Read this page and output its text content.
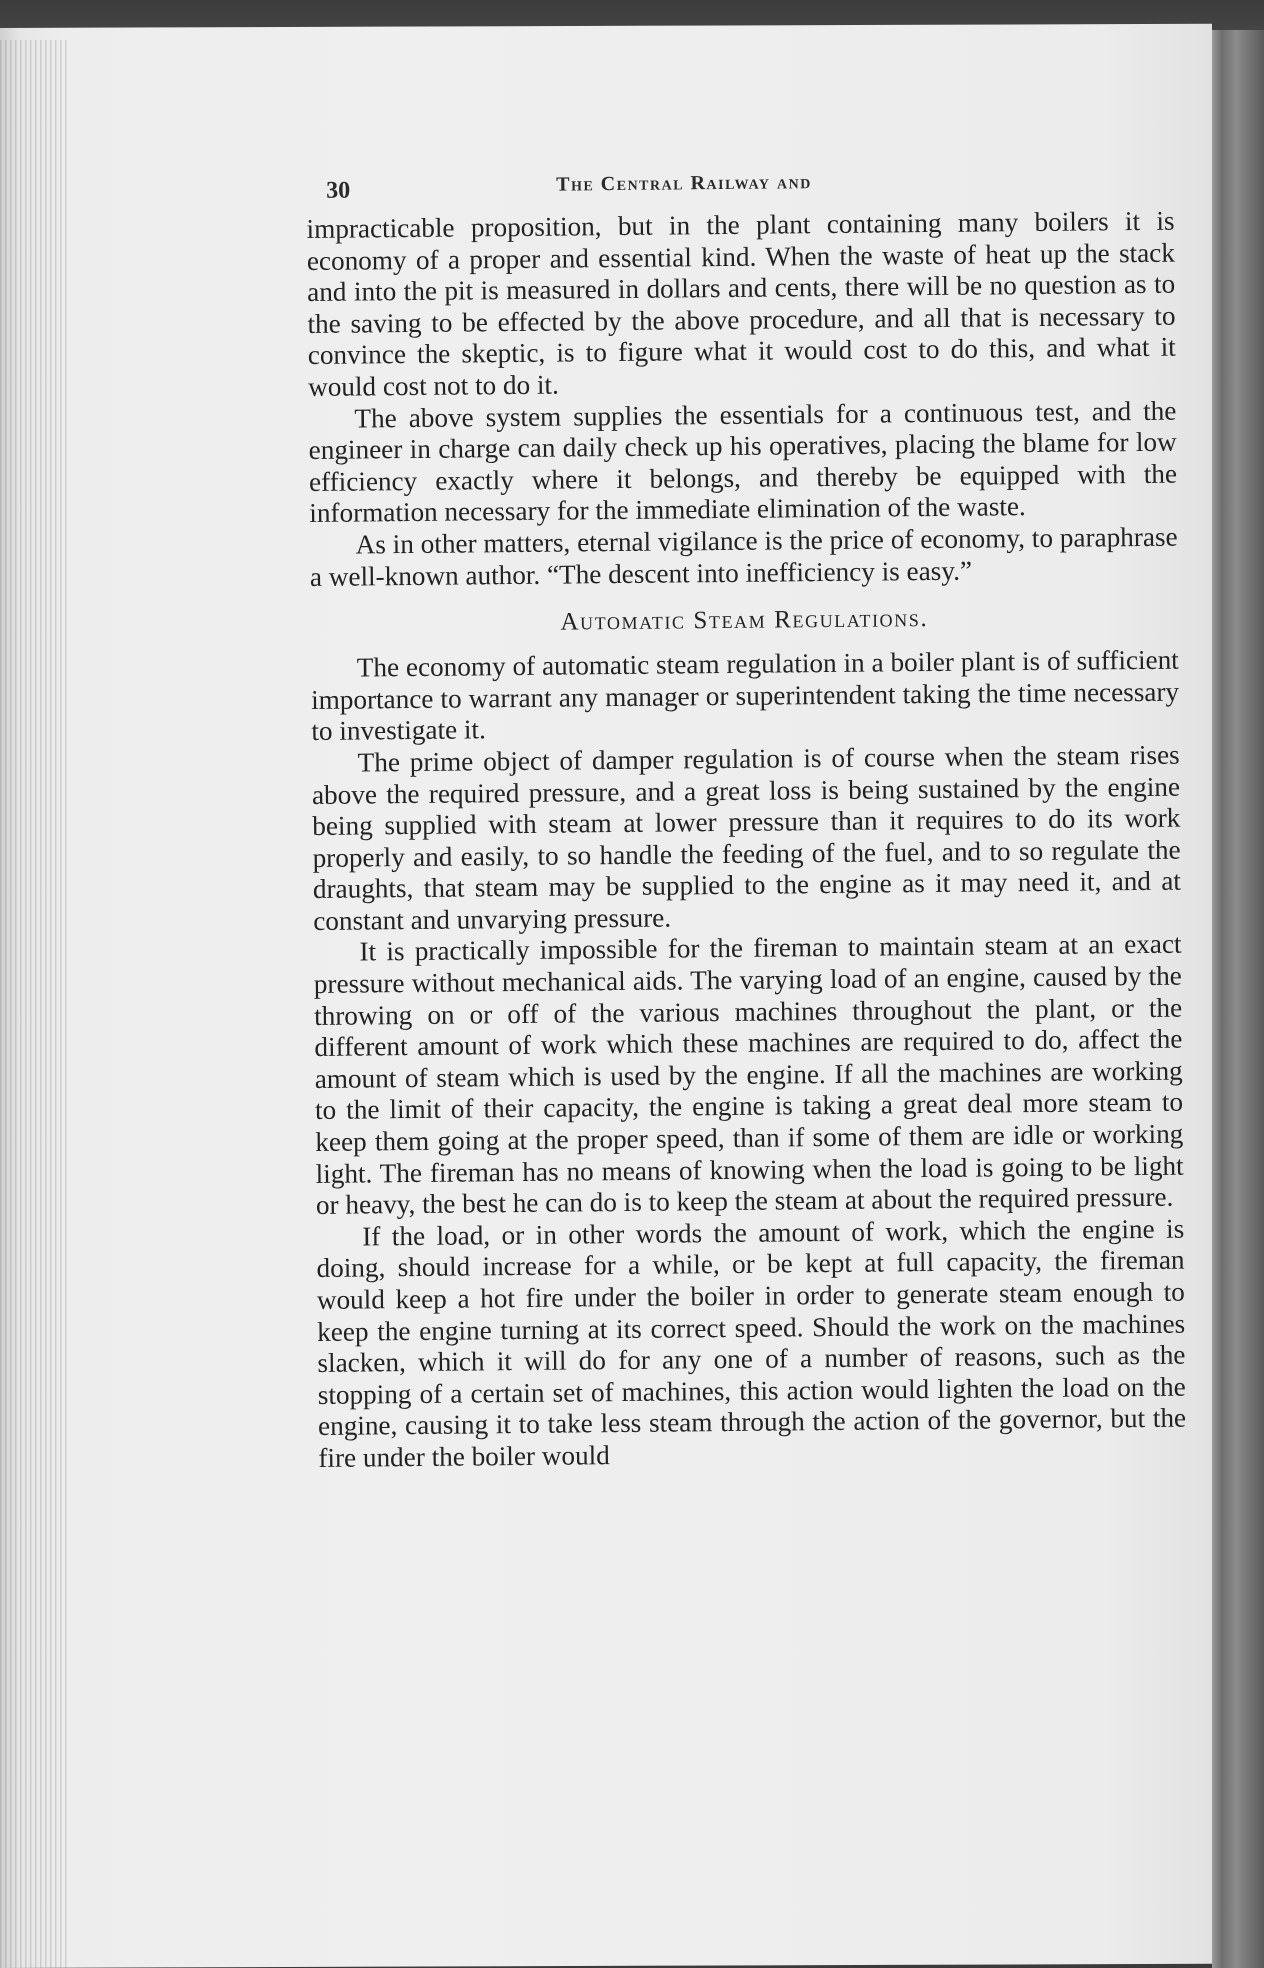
30	The Central Railway and

impracticable proposition, but in the plant containing many boilers it is economy of a proper and essential kind. When the waste of heat up the stack and into the pit is measured in dollars and cents, there will be no question as to the saving to be effected by the above procedure, and all that is necessary to convince the skeptic, is to figure what it would cost to do this, and what it would cost not to do it.

The above system supplies the essentials for a continuous test, and the engineer in charge can daily check up his operatives, placing the blame for low efficiency exactly where it belongs, and thereby be equipped with the information necessary for the immediate elimination of the waste.

As in other matters, eternal vigilance is the price of economy, to paraphrase a well-known author. “The descent into inefficiency is easy.”

Automatic Steam Regulations.

The economy of automatic steam regulation in a boiler plant is of sufficient importance to warrant any manager or superintendent taking the time necessary to investigate it.

The prime object of damper regulation is of course when the steam rises above the required pressure, and a great loss is being sustained by the engine being supplied with steam at lower pressure than it requires to do its work properly and easily, to so handle the feeding of the fuel, and to so regulate the draughts, that steam may be supplied to the engine as it may need it, and at constant and unvarying pressure.

It is practically impossible for the fireman to maintain steam at an exact pressure without mechanical aids. The varying load of an engine, caused by the throwing on or off of the various machines throughout the plant, or the different amount of work which these machines are required to do, affect the amount of steam which is used by the engine. If all the machines are working to the limit of their capacity, the engine is taking a great deal more steam to keep them going at the proper speed, than if some of them are idle or working light. The fireman has no means of knowing when the load is going to be light or heavy, the best he can do is to keep the steam at about the required pressure.

If the load, or in other words the amount of work, which the engine is doing, should increase for a while, or be kept at full capacity, the fireman would keep a hot fire under the boiler in order to generate steam enough to keep the engine turning at its correct speed. Should the work on the machines slacken, which it will do for any one of a number of reasons, such as the stopping of a certain set of machines, this action would lighten the load on the engine, causing it to take less steam through the action of the governor, but the fire under the boiler would
